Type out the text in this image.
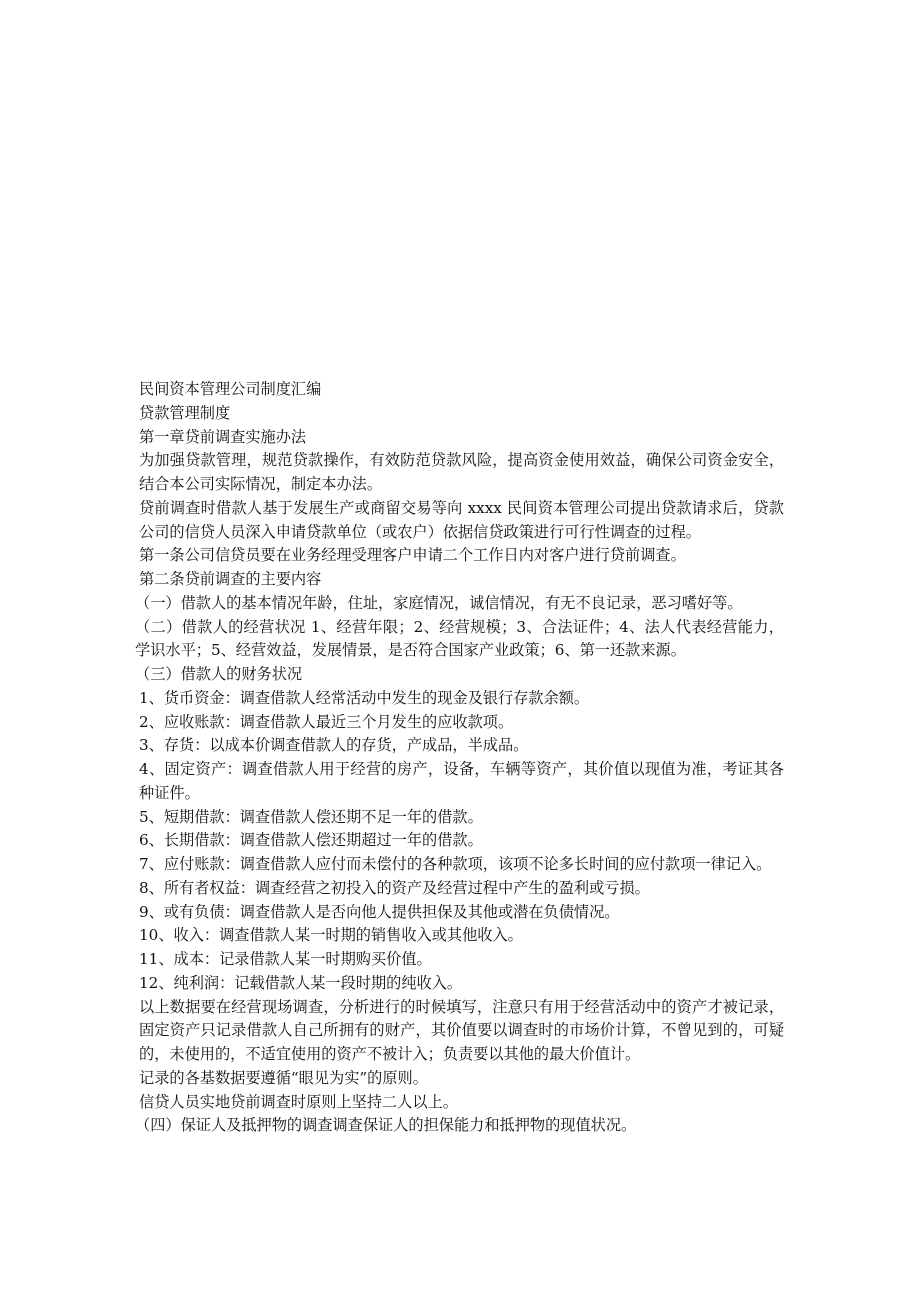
民间资本管理公司制度汇编

贷款管理制度

第一章贷前调查实施办法

为加强贷款管理，规范贷款操作，有效防范贷款风险，提高资金使用效益，确保公司资金安全，结合本公司实际情况，制定本办法。

贷前调查时借款人基于发展生产或商留交易等向 xxxx 民间资本管理公司提出贷款请求后，贷款公司的信贷人员深入申请贷款单位（或农户）依据信贷政策进行可行性调查的过程。

第一条公司信贷员要在业务经理受理客户申请二个工作日内对客户进行贷前调查。

第二条贷前调查的主要内容

（一）借款人的基本情况年龄，住址，家庭情况，诚信情况，有无不良记录，恶习嗜好等。

（二）借款人的经营状况 1、经营年限；2、经营规模；3、合法证件；4、法人代表经营能力，学识水平；5、经营效益，发展情景，是否符合国家产业政策；6、第一还款来源。

（三）借款人的财务状况

1、货币资金：调查借款人经常活动中发生的现金及银行存款余额。

2、应收账款：调查借款人最近三个月发生的应收款项。

3、存货：以成本价调查借款人的存货，产成品，半成品。

4、固定资产：调查借款人用于经营的房产，设备，车辆等资产，其价值以现值为准，考证其各种证件。

5、短期借款：调查借款人偿还期不足一年的借款。

6、长期借款：调查借款人偿还期超过一年的借款。

7、应付账款：调查借款人应付而未偿付的各种款项，该项不论多长时间的应付款项一律记入。

8、所有者权益：调查经营之初投入的资产及经营过程中产生的盈利或亏损。

9、或有负债：调查借款人是否向他人提供担保及其他或潜在负债情况。

10、收入：调查借款人某一时期的销售收入或其他收入。

11、成本：记录借款人某一时期购买价值。

12、纯利润：记载借款人某一段时期的纯收入。

以上数据要在经营现场调查，分析进行的时候填写，注意只有用于经营活动中的资产才被记录，固定资产只记录借款人自己所拥有的财产，其价值要以调查时的市场价计算，不曾见到的，可疑的，未使用的，不适宜使用的资产不被计入；负责要以其他的最大价值计。

记录的各基数据要遵循“眼见为实”的原则。

信贷人员实地贷前调查时原则上坚持二人以上。

（四）保证人及抵押物的调查调查保证人的担保能力和抵押物的现值状况。
